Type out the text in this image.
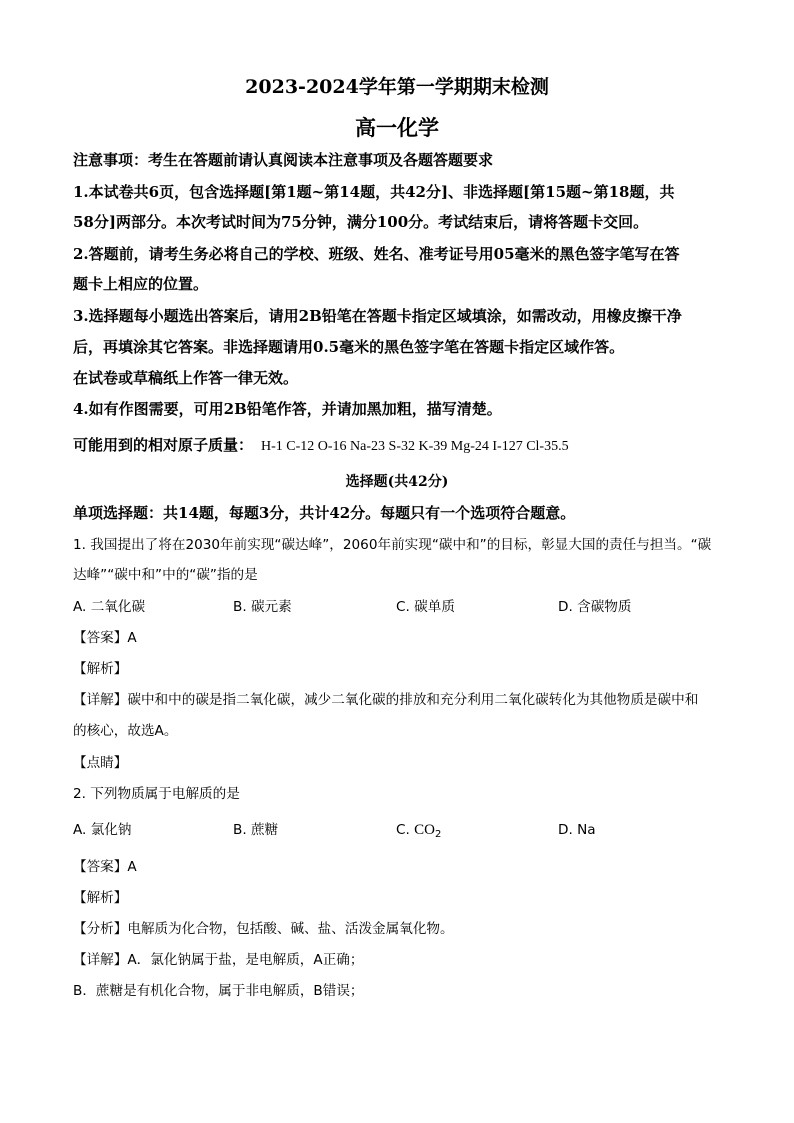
2023-2024学年第一学期期末检测
高一化学
注意事项：考生在答题前请认真阅读本注意事项及各题答题要求
1.本试卷共6页，包含选择题[第1题~第14题，共42分]、非选择题[第15题~第18题，共
58分]两部分。本次考试时间为75分钟，满分100分。考试结束后，请将答题卡交回。
2.答题前，请考生务必将自己的学校、班级、姓名、准考证号用05毫米的黑色签字笔写在答
题卡上相应的位置。
3.选择题每小题选出答案后，请用2B铅笔在答题卡指定区域填涂，如需改动，用橡皮擦干净
后，再填涂其它答案。非选择题请用0.5毫米的黑色签字笔在答题卡指定区域作答。
在试卷或草稿纸上作答一律无效。
4.如有作图需要，可用2B铅笔作答，并请加黑加粗，描写清楚。
可能用到的相对原子质量： H-1 C-12 O-16 Na-23 S-32 K-39 Mg-24 I-127 Cl-35.5
选择题(共42分)
单项选择题：共14题，每题3分，共计42分。每题只有一个选项符合题意。
1. 我国提出了将在2030年前实现“碳达峰”，2060年前实现“碳中和”的目标，彰显大国的责任与担当。“碳
达峰”“碳中和”中的“碳”指的是
A. 二氧化碳	B. 碳元素	C. 碳单质	D. 含碳物质
【答案】A
【解析】
【详解】碳中和中的碳是指二氧化碳，减少二氧化碳的排放和充分利用二氧化碳转化为其他物质是碳中和
的核心，故选A。
【点睛】
2. 下列物质属于电解质的是
A. 氯化钠	B. 蔗糖	C. $CO_2$	D. Na
【答案】A
【解析】
【分析】电解质为化合物，包括酸、碱、盐、活泼金属氧化物。
【详解】A．氯化钠属于盐，是电解质，A正确；
B．蔗糖是有机化合物，属于非电解质，B错误；
